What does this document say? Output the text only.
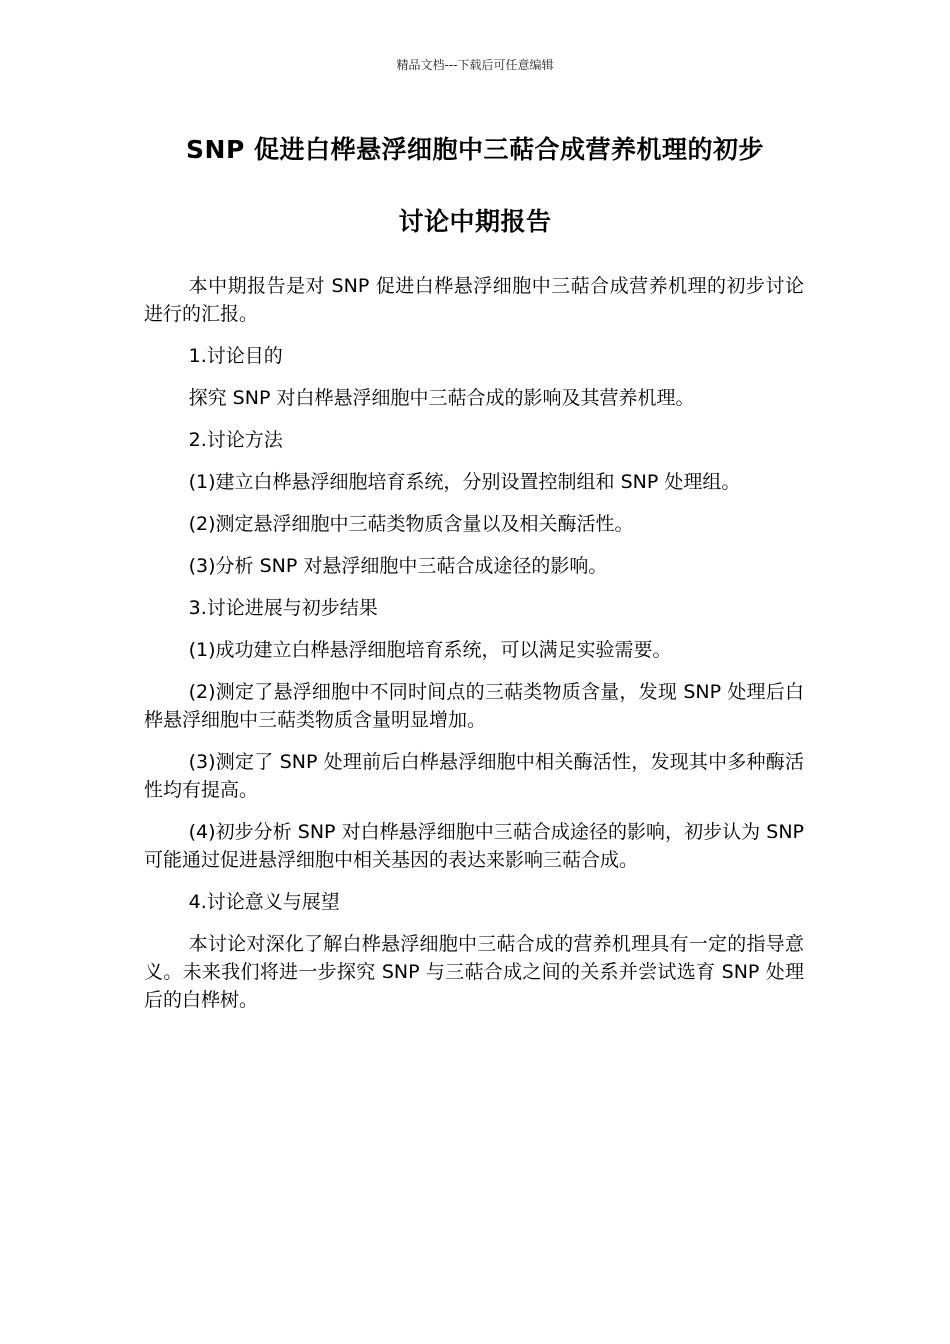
精品文档---下载后可任意编辑
SNP 促进白桦悬浮细胞中三萜合成营养机理的初步
讨论中期报告

本中期报告是对 SNP 促进白桦悬浮细胞中三萜合成营养机理的初步讨论进行的汇报。

1.讨论目的

探究 SNP 对白桦悬浮细胞中三萜合成的影响及其营养机理。

2.讨论方法

(1)建立白桦悬浮细胞培育系统，分别设置控制组和 SNP 处理组。

(2)测定悬浮细胞中三萜类物质含量以及相关酶活性。

(3)分析 SNP 对悬浮细胞中三萜合成途径的影响。

3.讨论进展与初步结果

(1)成功建立白桦悬浮细胞培育系统，可以满足实验需要。

(2)测定了悬浮细胞中不同时间点的三萜类物质含量，发现 SNP 处理后白桦悬浮细胞中三萜类物质含量明显增加。

(3)测定了 SNP 处理前后白桦悬浮细胞中相关酶活性，发现其中多种酶活性均有提高。

(4)初步分析 SNP 对白桦悬浮细胞中三萜合成途径的影响，初步认为 SNP 可能通过促进悬浮细胞中相关基因的表达来影响三萜合成。

4.讨论意义与展望

本讨论对深化了解白桦悬浮细胞中三萜合成的营养机理具有一定的指导意义。未来我们将进一步探究 SNP 与三萜合成之间的关系并尝试选育 SNP 处理后的白桦树。
